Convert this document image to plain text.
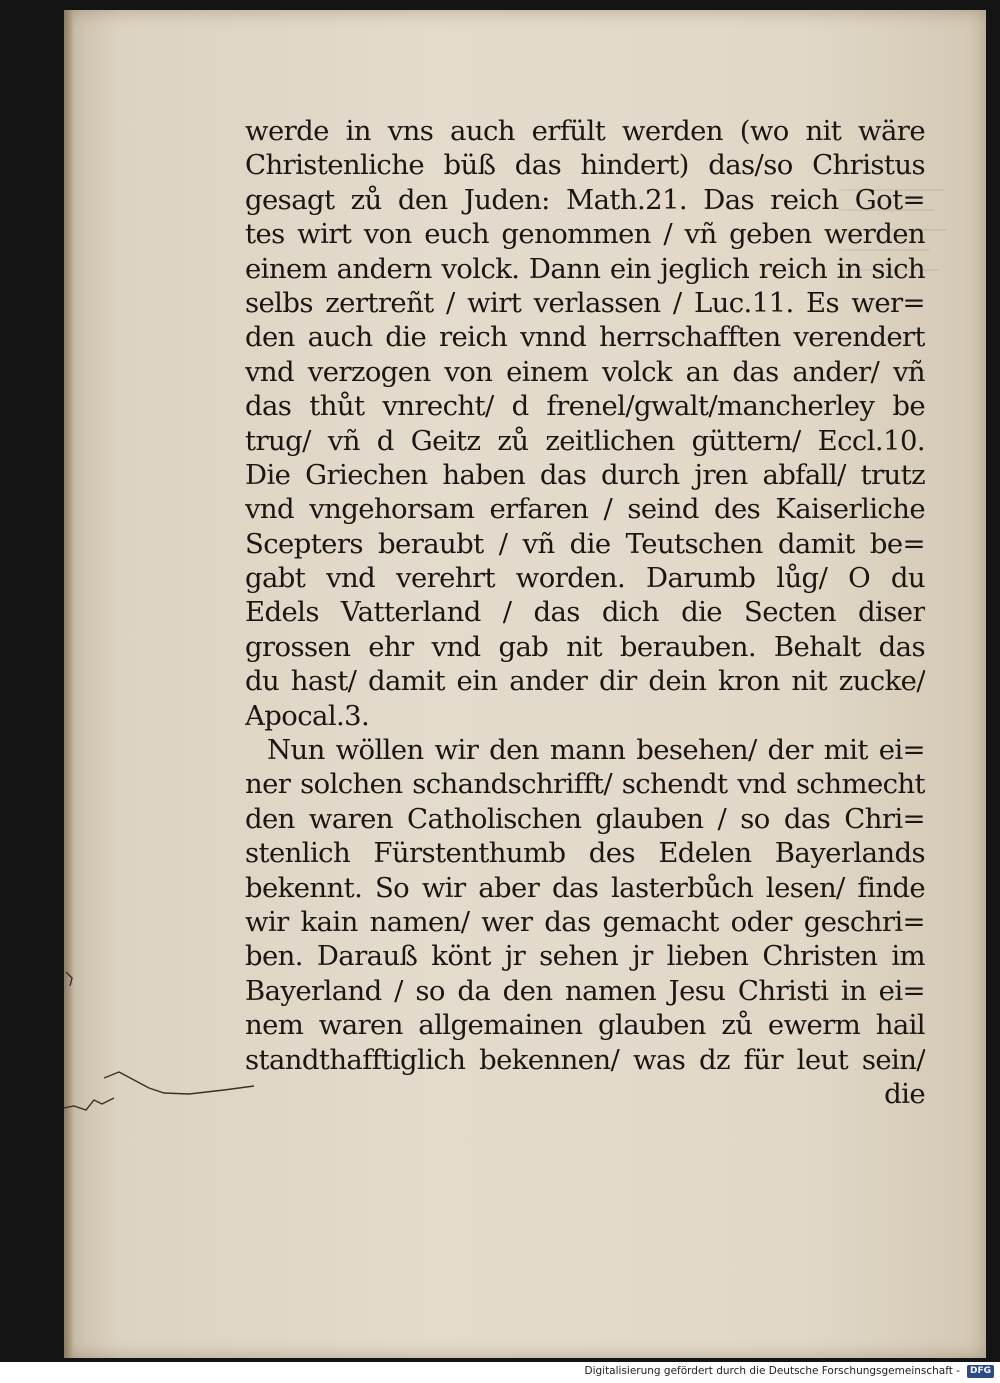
werde in vns auch erfült werden (wo nit wäre
Christenliche büß das hindert) das/so Christus
gesagt zů den Juden: Math.21. Das reich Got=
tes wirt von euch genommen / vñ geben werden
einem andern volck. Dann ein jeglich reich in sich
selbs zertreñt / wirt verlassen / Luc.11. Es wer=
den auch die reich vnnd herrschafften verendert
vnd verzogen von einem volck an das ander/ vñ
das thůt vnrecht/ d frenel/gwalt/mancherley be
trug/ vñ d Geitz zů zeitlichen güttern/ Eccl.10.
Die Griechen haben das durch jren abfall/ trutz
vnd vngehorsam erfaren / seind des Kaiserliche
Scepters beraubt / vñ die Teutschen damit be=
gabt vnd verehrt worden. Darumb lůg/ O du
Edels Vatterland / das dich die Secten diser
grossen ehr vnd gab nit berauben. Behalt das
du hast/ damit ein ander dir dein kron nit zucke/
Apocal.3.
Nun wöllen wir den mann besehen/ der mit ei=
ner solchen schandschrifft/ schendt vnd schmecht
den waren Catholischen glauben / so das Chri=
stenlich Fürstenthumb des Edelen Bayerlands
bekennt. So wir aber das lasterbůch lesen/ finde
wir kain namen/ wer das gemacht oder geschri=
ben. Darauß könt jr sehen jr lieben Christen im
Bayerland / so da den namen Jesu Christi in ei=
nem waren allgemainen glauben zů ewerm hail
standthafftiglich bekennen/ was dz für leut sein/
die
Digitalisierung gefördert durch die Deutsche Forschungsgemeinschaft -	DFG
